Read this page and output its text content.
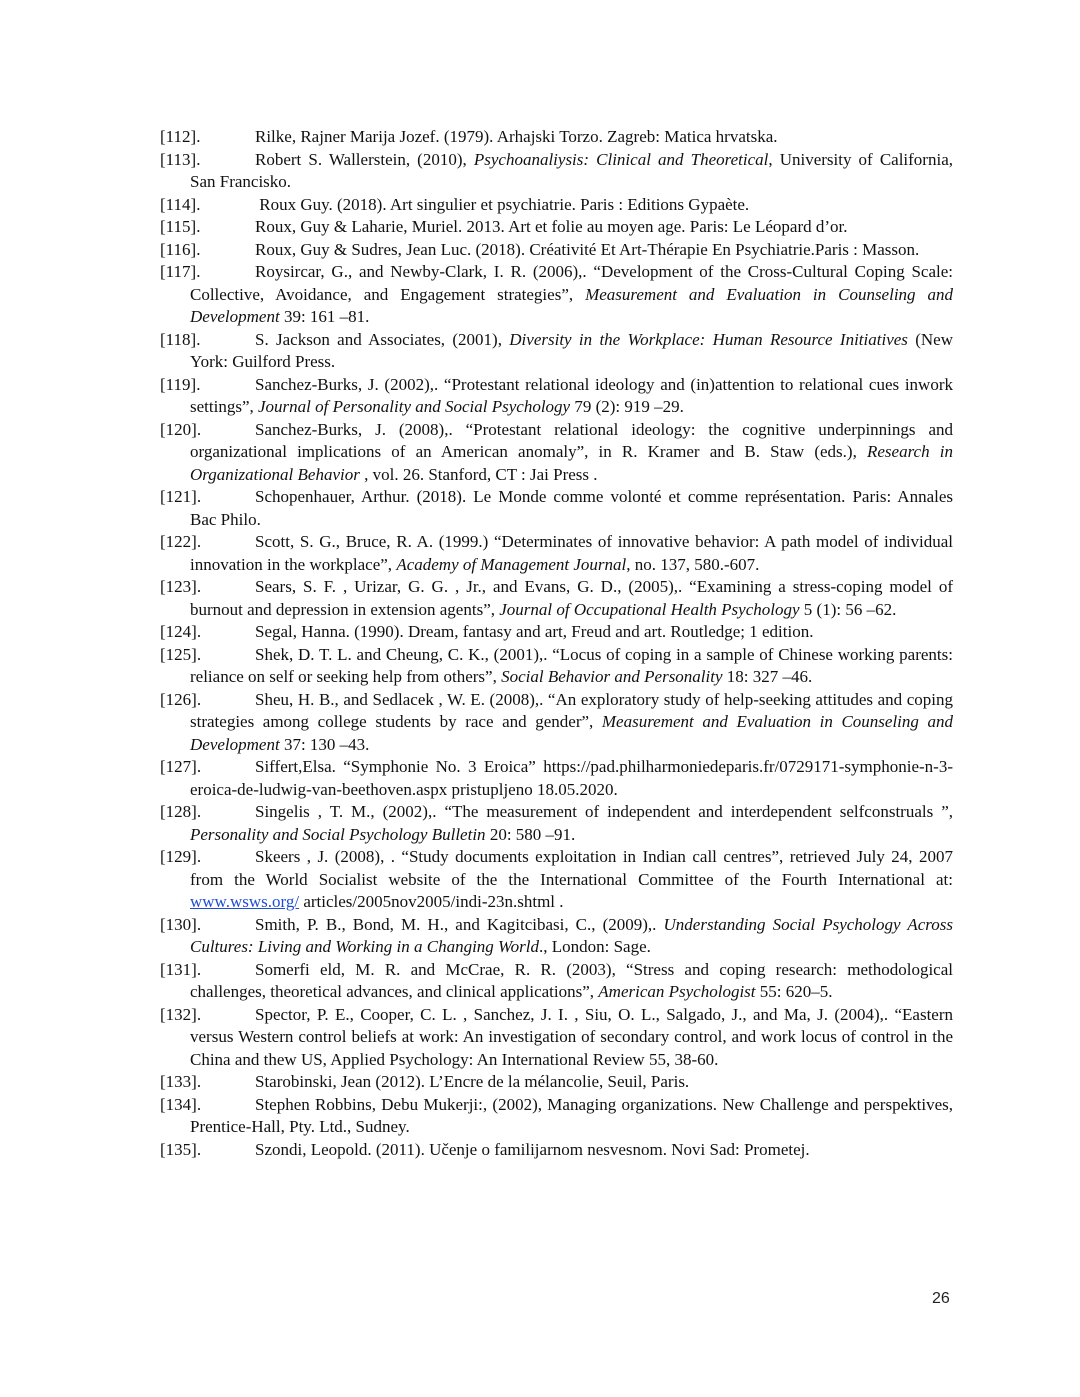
[112].	Rilke, Rajner Marija Jozef. (1979). Arhajski Torzo. Zagreb: Matica hrvatska.

[113].	Robert S. Wallerstein, (2010), Psychoanaliysis: Clinical and Theoretical, University of California, San Francisko.

[114].	Roux Guy. (2018). Art singulier et psychiatrie. Paris : Editions Gypaète.

[115].	Roux, Guy & Laharie, Muriel. 2013. Art et folie au moyen age. Paris: Le Léopard d’or.

[116].	Roux, Guy & Sudres, Jean Luc. (2018). Créativité Et Art-Thérapie En Psychiatrie.Paris : Masson.

[117].	Roysircar, G., and Newby-Clark, I. R. (2006),. “Development of the Cross-Cultural Coping Scale: Collective, Avoidance, and Engagement strategies”, Measurement and Evaluation in Counseling and Development 39: 161 –81.

[118].	S. Jackson and Associates, (2001), Diversity in the Workplace: Human Resource Initiatives (New York: Guilford Press.

[119].	Sanchez-Burks, J. (2002),. “Protestant relational ideology and (in)attention to relational cues inwork settings”, Journal of Personality and Social Psychology 79 (2): 919 –29.

[120].	Sanchez-Burks, J. (2008),. “Protestant relational ideology: the cognitive underpinnings and organizational implications of an American anomaly”, in R. Kramer and B. Staw (eds.), Research in Organizational Behavior , vol. 26. Stanford, CT : Jai Press .

[121].	Schopenhauer, Arthur. (2018). Le Monde comme volonté et comme représentation. Paris: Annales Bac Philo.

[122].	Scott, S. G., Bruce, R. A. (1999.) “Determinates of innovative behavior: A path model of individual innovation in the workplace”, Academy of Management Journal, no. 137, 580.-607.

[123].	Sears, S. F. , Urizar, G. G. , Jr., and Evans, G. D., (2005),. “Examining a stress-coping model of burnout and depression in extension agents”, Journal of Occupational Health Psychology 5 (1): 56 –62.

[124].	Segal, Hanna. (1990). Dream, fantasy and art, Freud and art. Routledge; 1 edition.

[125].	Shek, D. T. L. and Cheung, C. K., (2001),. “Locus of coping in a sample of Chinese working parents: reliance on self or seeking help from others”, Social Behavior and Personality 18: 327 –46.

[126].	Sheu, H. B., and Sedlacek , W. E. (2008),. “An exploratory study of help-seeking attitudes and coping strategies among college students by race and gender”, Measurement and Evaluation in Counseling and Development 37: 130 –43.

[127].	Siffert,Elsa. “Symphonie No. 3 Eroica” https://pad.philharmoniedeparis.fr/0729171-symphonie-n-3-eroica-de-ludwig-van-beethoven.aspx pristupljeno 18.05.2020.

[128].	Singelis , T. M., (2002),. “The measurement of independent and interdependent selfconstruals ”, Personality and Social Psychology Bulletin 20: 580 –91.

[129].	Skeers , J. (2008), . “Study documents exploitation in Indian call centres”, retrieved July 24, 2007 from the World Socialist website of the the International Committee of the Fourth International at: www.wsws.org/ articles/2005nov2005/indi-23n.shtml .

[130].	Smith, P. B., Bond, M. H., and Kagitcibasi, C., (2009),. Understanding Social Psychology Across Cultures: Living and Working in a Changing World., London: Sage.

[131].	Somerfi eld, M. R. and McCrae, R. R. (2003), “Stress and coping research: methodological challenges, theoretical advances, and clinical applications”, American Psychologist 55: 620–5.

[132].	Spector, P. E., Cooper, C. L. , Sanchez, J. I. , Siu, O. L., Salgado, J., and Ma, J. (2004),. “Eastern versus Western control beliefs at work: An investigation of secondary control, and work locus of control in the China and thew US, Applied Psychology: An International Review 55, 38-60.

[133].	Starobinski, Jean (2012). L’Encre de la mélancolie, Seuil, Paris.

[134].	Stephen Robbins, Debu Mukerji:, (2002), Managing organizations. New Challenge and perspektives, Prentice-Hall, Pty. Ltd., Sudney.

[135].	Szondi, Leopold. (2011). Učenje o familijarnom nesvesnom. Novi Sad: Prometej.

26
